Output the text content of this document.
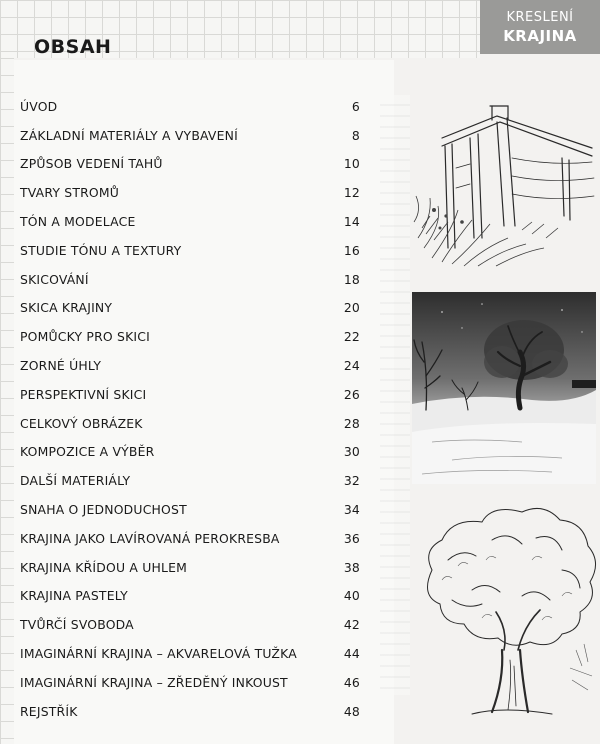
OBSAH
KRESLENÍ
KRAJINA
ÚVOD	6
ZÁKLADNÍ MATERIÁLY A VYBAVENÍ	8
ZPŮSOB VEDENÍ TAHŮ	10
TVARY STROMŮ	12
TÓN A MODELACE	14
STUDIE TÓNU A TEXTURY	16
SKICOVÁNÍ	18
SKICA KRAJINY	20
POMŮCKY PRO SKICI	22
ZORNÉ ÚHLY	24
PERSPEKTIVNÍ SKICI	26
CELKOVÝ OBRÁZEK	28
KOMPOZICE A VÝBĚR	30
DALŠÍ MATERIÁLY	32
SNAHA O JEDNODUCHOST	34
KRAJINA JAKO LAVÍROVANÁ PEROKRESBA	36
KRAJINA KŘÍDOU A UHLEM	38
KRAJINA PASTELY	40
TVŮRČÍ SVOBODA	42
IMAGINÁRNÍ KRAJINA – AKVARELOVÁ TUŽKA	44
IMAGINÁRNÍ KRAJINA – ZŘEDĚNÝ INKOUST	46
REJSTŘÍK	48
